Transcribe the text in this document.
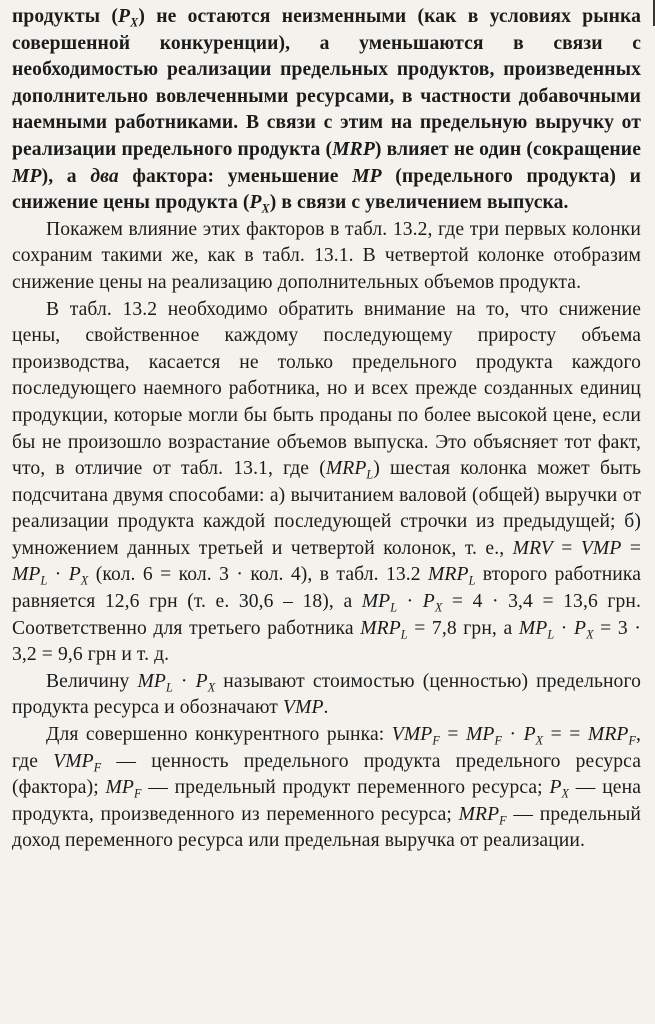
продукты $(P_X)$ не остаются неизменными (как в условиях рынка совершенной конкуренции), а уменьшаются в связи с необходимостью реализации предельных продуктов, произведенных дополнительно вовлеченными ресурсами, в частности добавочными наемными работниками. В связи с этим на предельную выручку от реализации предельного продукта (MRP) влияет не один (сокращение MP), а два фактора: уменьшение MP (предельного продукта) и снижение цены продукта $(P_X)$ в связи с увеличением выпуска.

Покажем влияние этих факторов в табл. 13.2, где три первых колонки сохраним такими же, как в табл. 13.1. В четвертой колонке отобразим снижение цены на реализацию дополнительных объемов продукта.

В табл. 13.2 необходимо обратить внимание на то, что снижение цены, свойственное каждому последующему приросту объема производства, касается не только предельного продукта каждого последующего наемного работника, но и всех прежде созданных единиц продукции, которые могли бы быть проданы по более высокой цене, если бы не произошло возрастание объемов выпуска. Это объясняет тот факт, что, в отличие от табл. 13.1, где $(MRP_L)$ шестая колонка может быть подсчитана двумя способами: а) вычитанием валовой (общей) выручки от реализации продукта каждой последующей строчки из предыдущей; б) умножением данных третьей и четвертой колонок, т. е., MRV = VMP = $MP_L \cdot P_X$ (кол. 6 = кол. 3 · кол. 4), в табл. 13.2 $MRP_L$ второго работника равняется 12,6 грн (т. е. 30,6 – 18), а $MP_L \cdot P_X = 4 \cdot 3,4 = 13,6$ грн. Соответственно для третьего работника $MRP_L = 7,8$ грн, а $MP_L \cdot P_X = 3 \cdot 3,2 = 9,6$ грн и т. д.

Величину $MP_L \cdot P_X$ называют стоимостью (ценностью) предельного продукта ресурса и обозначают VMP.

Для совершенно конкурентного рынка: $VMP_F = MP_F \cdot P_X$ = = $MRP_F$, где $VMP_F$ — ценность предельного продукта предельного ресурса (фактора); $MP_F$ — предельный продукт переменного ресурса; $P_X$ — цена продукта, произведенного из переменного ресурса; $MRP_F$ — предельный доход переменного ресурса или предельная выручка от реализации.
